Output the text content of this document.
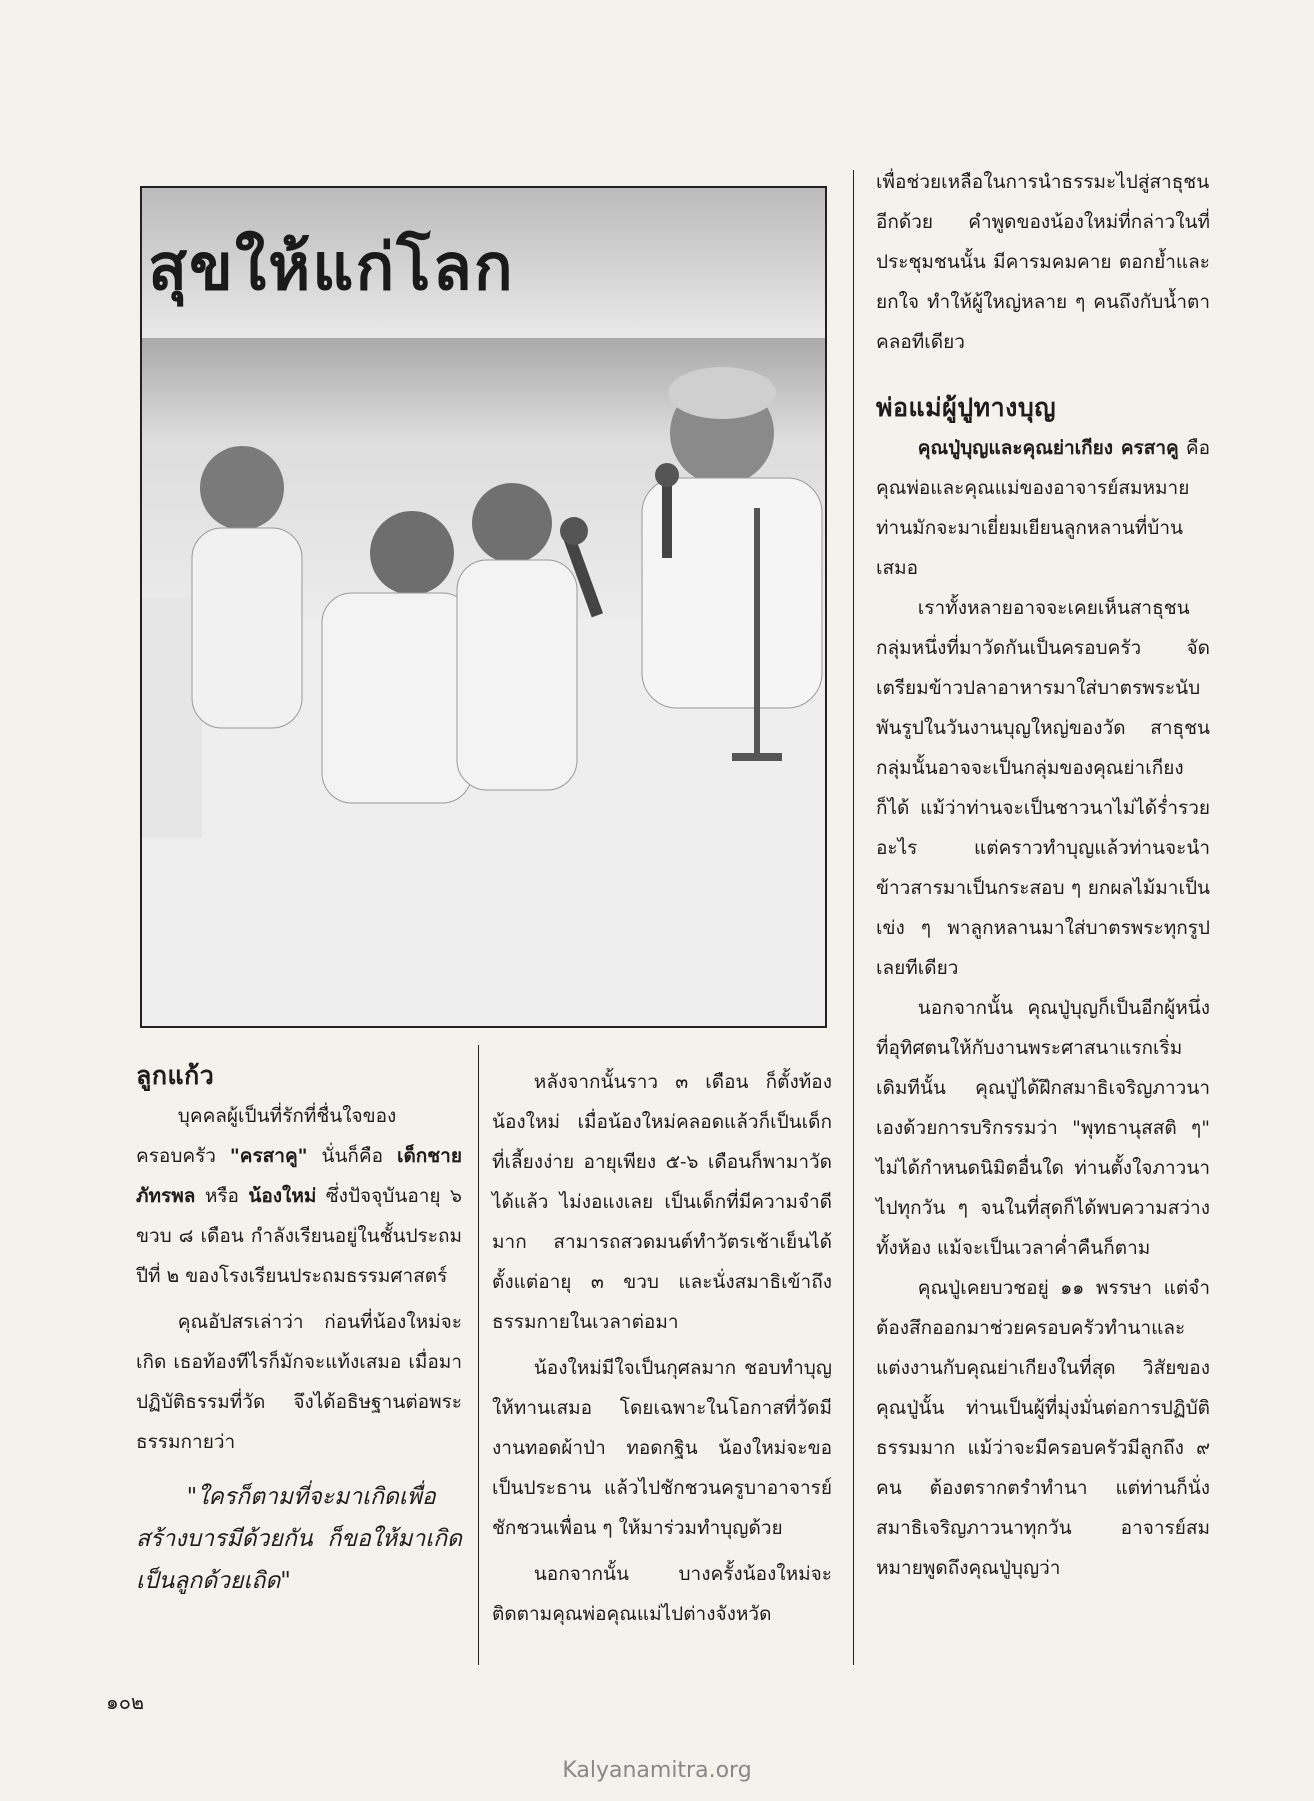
สุขให้แก่โลก

ลูกแก้ว

บุคคลผู้เป็นที่รักที่ชื่นใจของครอบครัว "ครสาคู" นั่นก็คือ เด็กชายภัทรพล หรือ น้องใหม่ ซึ่งปัจจุบันอายุ ๖ ขวบ ๘ เดือน กำลังเรียนอยู่ในชั้นประถมปีที่ ๒ ของโรงเรียนประถมธรรมศาสตร์

คุณอัปสรเล่าว่า ก่อนที่น้องใหม่จะเกิด เธอท้องทีไรก็มักจะแท้งเสมอ เมื่อมาปฏิบัติธรรมที่วัด จึงได้อธิษฐานต่อพระธรรมกายว่า

"ใครก็ตามที่จะมาเกิดเพื่อสร้างบารมีด้วยกัน ก็ขอให้มาเกิดเป็นลูกด้วยเถิด"

หลังจากนั้นราว ๓ เดือน ก็ตั้งท้องน้องใหม่ เมื่อน้องใหม่คลอดแล้วก็เป็นเด็กที่เลี้ยงง่าย อายุเพียง ๕-๖ เดือนก็พามาวัดได้แล้ว ไม่งอแงเลย เป็นเด็กที่มีความจำดีมาก สามารถสวดมนต์ทำวัตรเช้าเย็นได้ตั้งแต่อายุ ๓ ขวบ และนั่งสมาธิเข้าถึงธรรมกายในเวลาต่อมา

น้องใหม่มีใจเป็นกุศลมาก ชอบทำบุญให้ทานเสมอ โดยเฉพาะในโอกาสที่วัดมีงานทอดผ้าป่า ทอดกฐิน น้องใหม่จะขอเป็นประธาน แล้วไปชักชวนครูบาอาจารย์ ชักชวนเพื่อน ๆ ให้มาร่วมทำบุญด้วย

นอกจากนั้น บางครั้งน้องใหม่จะติดตามคุณพ่อคุณแม่ไปต่างจังหวัด

เพื่อช่วยเหลือในการนำธรรมะไปสู่สาธุชนอีกด้วย คำพูดของน้องใหม่ที่กล่าวในที่ประชุมชนนั้น มีคารมคมคาย ตอกย้ำและยกใจ ทำให้ผู้ใหญ่หลาย ๆ คนถึงกับน้ำตาคลอทีเดียว

พ่อแม่ผู้ปูทางบุญ

คุณปู่บุญและคุณย่าเกียง ครสาคู คือคุณพ่อและคุณแม่ของอาจารย์สมหมาย ท่านมักจะมาเยี่ยมเยียนลูกหลานที่บ้านเสมอ

เราทั้งหลายอาจจะเคยเห็นสาธุชนกลุ่มหนึ่งที่มาวัดกันเป็นครอบครัว จัดเตรียมข้าวปลาอาหารมาใส่บาตรพระนับพันรูปในวันงานบุญใหญ่ของวัด สาธุชนกลุ่มนั้นอาจจะเป็นกลุ่มของคุณย่าเกียงก็ได้ แม้ว่าท่านจะเป็นชาวนาไม่ได้ร่ำรวยอะไร แต่คราวทำบุญแล้วท่านจะนำข้าวสารมาเป็นกระสอบ ๆ ยกผลไม้มาเป็นเข่ง ๆ พาลูกหลานมาใส่บาตรพระทุกรูปเลยทีเดียว

นอกจากนั้น คุณปู่บุญก็เป็นอีกผู้หนึ่งที่อุทิศตนให้กับงานพระศาสนาแรกเริ่มเดิมทีนั้น คุณปู่ได้ฝึกสมาธิเจริญภาวนาเองด้วยการบริกรรมว่า "พุทธานุสสติ ๆ" ไม่ได้กำหนดนิมิตอื่นใด ท่านตั้งใจภาวนาไปทุกวัน ๆ จนในที่สุดก็ได้พบความสว่างทั้งห้อง แม้จะเป็นเวลาค่ำคืนก็ตาม

คุณปู่เคยบวชอยู่ ๑๑ พรรษา แต่จำต้องสึกออกมาช่วยครอบครัวทำนาและแต่งงานกับคุณย่าเกียงในที่สุด วิสัยของคุณปู่นั้น ท่านเป็นผู้ที่มุ่งมั่นต่อการปฏิบัติธรรมมาก แม้ว่าจะมีครอบครัวมีลูกถึง ๙ คน ต้องตรากตรำทำนา แต่ท่านก็นั่งสมาธิเจริญภาวนาทุกวัน อาจารย์สมหมายพูดถึงคุณปู่บุญว่า

๑๐๒
Kalyanamitra.org
